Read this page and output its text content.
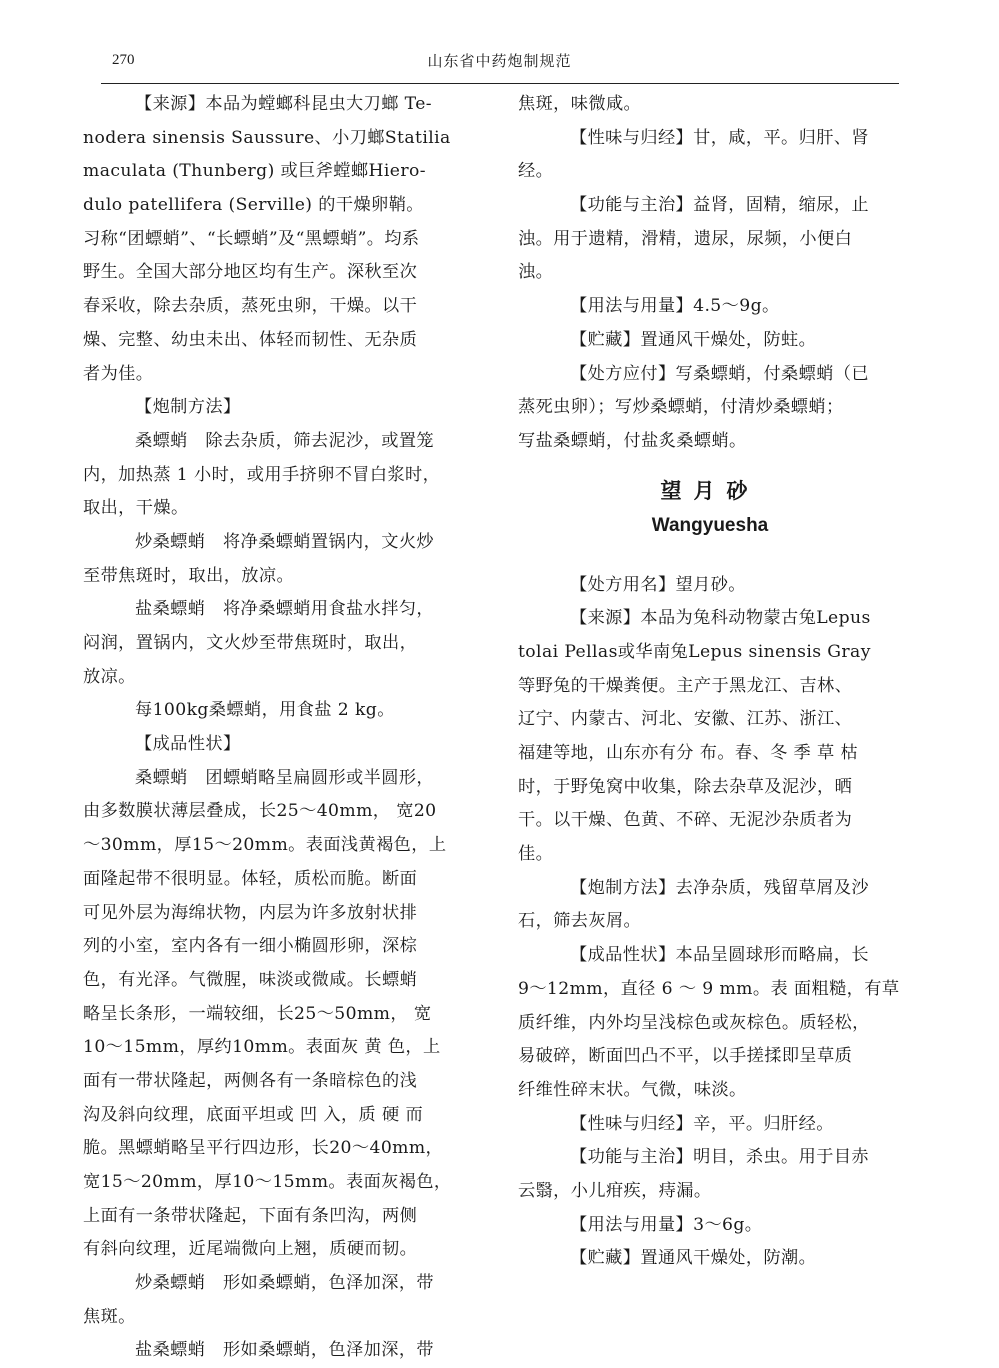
270	山东省中药炮制规范
【来源】本品为螳螂科昆虫大刀螂 Te-
nodera sinensis Saussure、小刀螂Statilia
maculata (Thunberg) 或巨斧螳螂Hiero-
dulo patellifera (Serville) 的干燥卵鞘。
习称“团螵蛸”、“长螵蛸”及“黑螵蛸”。均系
野生。全国大部分地区均有生产。深秋至次
春采收，除去杂质，蒸死虫卵，干燥。以干
燥、完整、幼虫未出、体轻而韧性、无杂质
者为佳。
【炮制方法】
桑螵蛸　除去杂质，筛去泥沙，或置笼
内，加热蒸 1 小时，或用手挤卵不冒白浆时，
取出，干燥。
炒桑螵蛸　将净桑螵蛸置锅内，文火炒
至带焦斑时，取出，放凉。
盐桑螵蛸　将净桑螵蛸用食盐水拌匀，
闷润，置锅内，文火炒至带焦斑时，取出，
放凉。
每100kg桑螵蛸，用食盐 2 kg。
【成品性状】
桑螵蛸　团螵蛸略呈扁圆形或半圆形，
由多数膜状薄层叠成，长25～40mm， 宽20
～30mm，厚15～20mm。表面浅黄褐色，上
面隆起带不很明显。体轻，质松而脆。断面
可见外层为海绵状物，内层为许多放射状排
列的小室，室内各有一细小椭圆形卵，深棕
色，有光泽。气微腥，味淡或微咸。长螵蛸
略呈长条形，一端较细，长25～50mm， 宽
10～15mm，厚约10mm。表面灰 黄 色，上
面有一带状隆起，两侧各有一条暗棕色的浅
沟及斜向纹理，底面平坦或 凹 入，质 硬 而
脆。黑螵蛸略呈平行四边形，长20～40mm，
宽15～20mm，厚10～15mm。表面灰褐色，
上面有一条带状隆起，下面有条凹沟，两侧
有斜向纹理，近尾端微向上翘，质硬而韧。
炒桑螵蛸　形如桑螵蛸，色泽加深，带
焦斑。
盐桑螵蛸　形如桑螵蛸，色泽加深，带
焦斑，味微咸。
【性味与归经】甘，咸，平。归肝、肾
经。
【功能与主治】益肾，固精，缩尿，止
浊。用于遗精，滑精，遗尿，尿频，小便白
浊。
【用法与用量】4.5～9g。
【贮藏】置通风干燥处，防蛀。
【处方应付】写桑螵蛸，付桑螵蛸（已
蒸死虫卵）；写炒桑螵蛸，付清炒桑螵蛸；
写盐桑螵蛸，付盐炙桑螵蛸。
望月砂
Wangyuesha
【处方用名】望月砂。
【来源】本品为兔科动物蒙古兔Lepus
tolai Pellas或华南兔Lepus sinensis Gray
等野兔的干燥粪便。主产于黑龙江、吉林、
辽宁、内蒙古、河北、安徽、江苏、浙江、
福建等地，山东亦有分 布。春、冬 季 草 枯
时，于野兔窝中收集，除去杂草及泥沙，晒
干。以干燥、色黄、不碎、无泥沙杂质者为
佳。
【炮制方法】去净杂质，残留草屑及沙
石，筛去灰屑。
【成品性状】本品呈圆球形而略扁，长
9～12mm，直径 6 ～ 9 mm。表 面粗糙，有草
质纤维，内外均呈浅棕色或灰棕色。质轻松，
易破碎，断面凹凸不平，以手搓揉即呈草质
纤维性碎末状。气微，味淡。
【性味与归经】辛，平。归肝经。
【功能与主治】明目，杀虫。用于目赤
云翳，小儿疳疾，痔漏。
【用法与用量】3～6g。
【贮藏】置通风干燥处，防潮。
